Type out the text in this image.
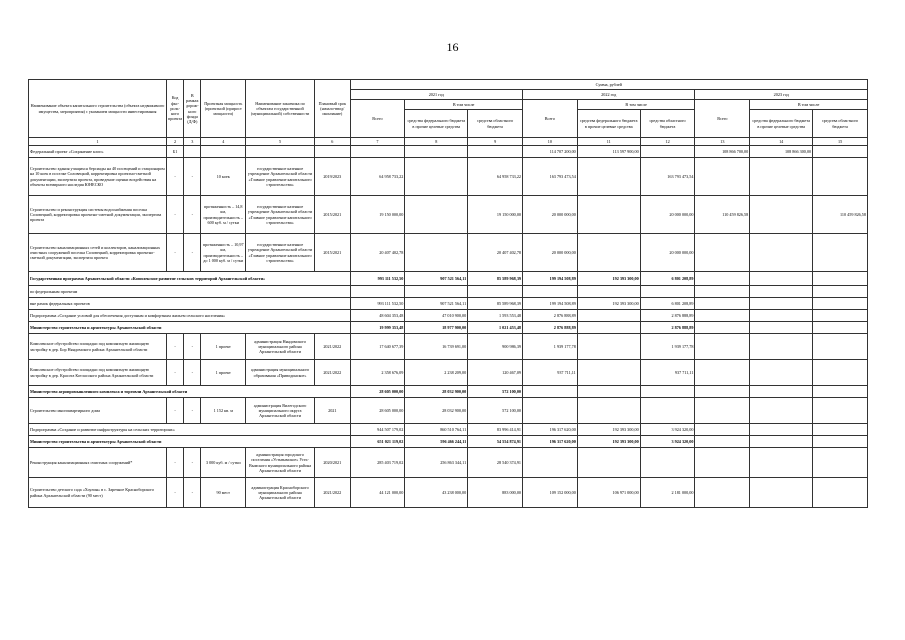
16
Наименование объекта капитального строительства (объекта недвижимого имущества, мероприятия) с указанием мощности инвестирования	Код фкс-роль-ного проекта	В рамках дорож-ного фонда (Д/Ф)	Проектная мощность (проектной (прирост мощности)	Наименование заказчика по объектам государственной (муниципальной) собственности	Плановый срок (начало-ввод/окончание)	Сумма, рублей								
						2021 год			2022 год			2023 год		
						Всего	В том числе		Всего	В том числе		Всего	В том числе	
							средства федерального бюджета в прочие целевые средства	средства областного бюджета		средства федерального бюджета в прочие целевые средства	средства областного бюджета		средства федерального бюджета в прочие целевые средства	средства областного бюджета
1	2	3	4	5	6	7	8	9	10	11	12	13	14	15
Федеральный проект «Сохранение клоп»	Б1								114 707 200,00	113 597 900,00		108 866 700,00	108 866 300,00	
Строительство здания учащихся берсиады на 40 посещений и стационаром на 10 коек в поселке Соловецкий, корректировка проектно-сметной документации, экспертиза проекта, проведение оценки воздействия на объекты всемирного наследия ЮНЕСКО	-	-	10 коек	государственное казенное учреждение Архангельской области «Главное управление капитального строительства»	2019/2023	64 958 733,22		64 958 733,22	163 793 473,54		163 793 473,54			
Строительство и реконструкция системы водоснабжения поселка Соловецкий, корректировка проектно-сметной документации, экспертиза проекта	-	-	протяженность – 14,8 км, производительность – 600 куб. м / сутки	государственное казенное учреждение Архангельской области «Главное управление капитального строительства»	2015/2021	19 150 000,00		19 150 000,00	20 000 000,00		20 000 000,00	110 459 826,58		110 459 826,58
Строительство канализационных сетей и коллекторов, канализационных очистных сооружений поселка Соловецкий, корректировка проектно-сметной документации, экспертиза проекта	-	-	протяженность – 10,97 км, производительность – до 1 000 куб. м / сутки	государственное казенное учреждение Архангельской области «Главное управление капитального строительства»	2015/2021	20 407 402,78		20 407 402,78	20 000 000,00		20 000 000,00			
Государственная программа Архангельской области «Комплексное развитие сельских территорий Архангельской области»						993 111 532,50	907 521 564,11	85 589 968,39	199 194 508,89	192 393 300,00	6 801 208,89			
по федеральным проектам														
вне рамок федеральных проектов						993 111 532,50	907 521 564,11	85 589 968,39	199 194 508,89	192 393 300,00	6 801 208,89			
Подпрограмма «Создание условий для обеспечения доступным и комфортным жильем сельского населения»						48 604 353,48	47 010 900,00	1 593 553,48	2 876 888,89		2 876 888,89			
Министерство строительства и архитектуры Архангельской области						19 999 353,48	18 977 900,00	1 021 453,48	2 876 888,89		2 876 888,89			
Комплексное обустройство площадки под компактную жилищную застройку в дер. Бор Няндомского района Архангельской области	-	-	1 проект	администрация Няндомского муниципального района Архангельской области	2021/2022	17 640 677,39	16 739 691,00	900 986,39	1 939 177,78		1 939 177,78			
Комплексное обустройство площадки под компактную жилищную застройку в дер. Красота Котласского района Архангельской области	-	-	1 проект	администрация муниципального образования «Приводинское»	2021/2022	2 358 676,09	2 238 209,00	120 467,09	937 711,11		937 711,11			
Министерство агропромышленного комплекса и торговли Архангельской области						28 605 000,00	28 032 900,00	572 100,00						
Строительство многоквартирного дома	-	-	1 152 кв. м	администрация Вилегодского муниципального округа Архангельской области	2021	28 605 000,00	28 032 900,00	572 100,00						
Подпрограмма «Создание и развитие инфраструктуры на сельских территориях»						944 507 179,02	860 510 764,11	83 996 414,91	196 317 620,00	192 393 300,00	3 924 320,00			
Министерство строительства и архитектуры Архангельской области						651 021 119,02	596 466 244,11	54 554 874,91	196 317 620,00	192 393 300,00	3 924 320,00			
Реконструкция канализационных очистных сооружений*	-	-	3 000 куб. м / сутки	администрация городского поселения «Устьвымское» Усть-Вымского муниципального района Архангельской области	2020/2021	285 403 719,02	256 863 344,11	28 540 374,91						
Строительство детского сада «Хоулин» в с. Заречное Красноборского района Архангельской области (90 мест)	-	-	90 мест	администрация Красноборского муниципального района Архангельской области	2021/2022	44 121 000,00	43 238 000,00	883 000,00	109 152 000,00	106 971 000,00	2 181 000,00			
